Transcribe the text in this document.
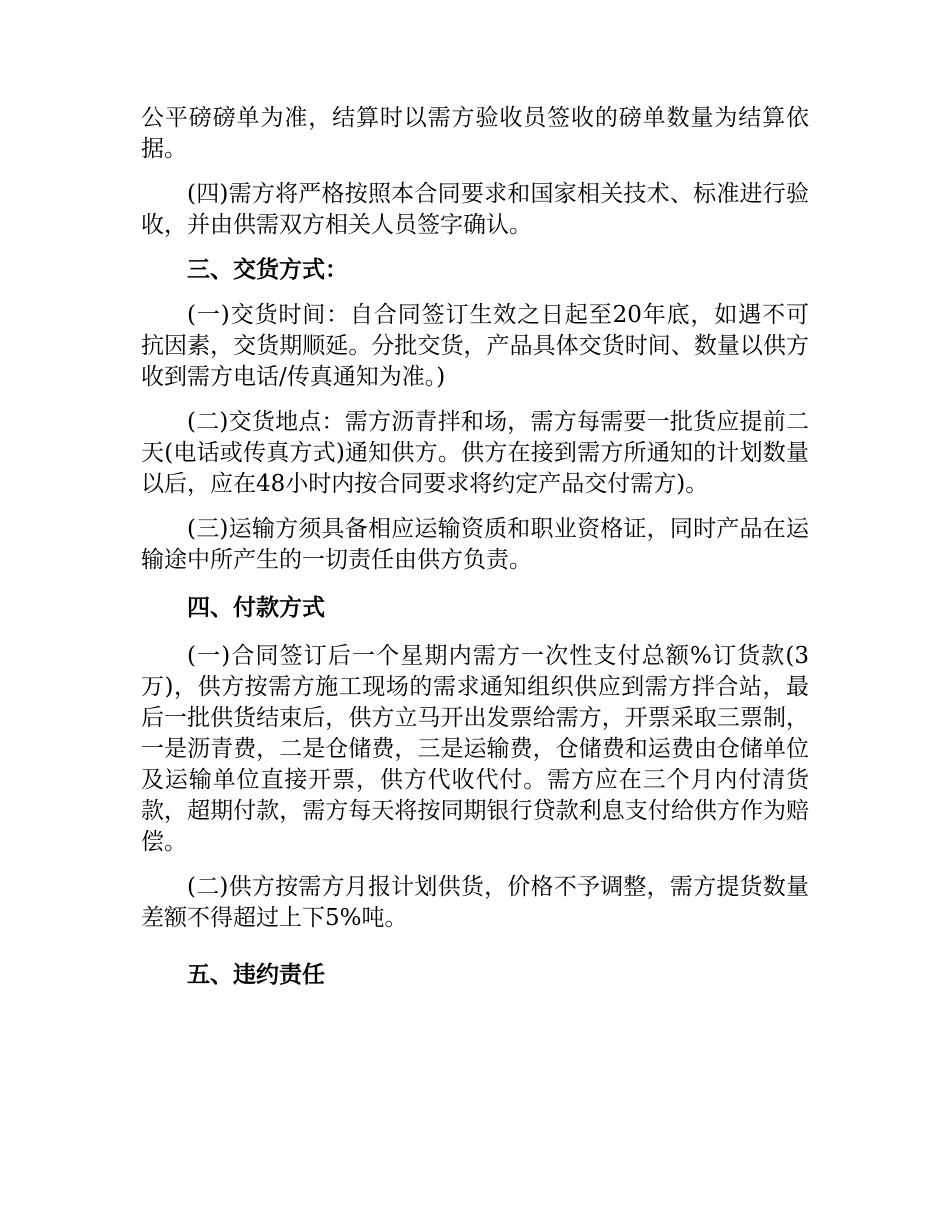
公平磅磅单为准，结算时以需方验收员签收的磅单数量为结算依据。

(四)需方将严格按照本合同要求和国家相关技术、标准进行验收，并由供需双方相关人员签字确认。

三、交货方式：

(一)交货时间：自合同签订生效之日起至20年底，如遇不可抗因素，交货期顺延。分批交货，产品具体交货时间、数量以供方收到需方电话/传真通知为准。)

(二)交货地点：需方沥青拌和场，需方每需要一批货应提前二天(电话或传真方式)通知供方。供方在接到需方所通知的计划数量以后，应在48小时内按合同要求将约定产品交付需方)。

(三)运输方须具备相应运输资质和职业资格证，同时产品在运输途中所产生的一切责任由供方负责。

四、付款方式

(一)合同签订后一个星期内需方一次性支付总额%订货款(3万)，供方按需方施工现场的需求通知组织供应到需方拌合站，最后一批供货结束后，供方立马开出发票给需方，开票采取三票制，一是沥青费，二是仓储费，三是运输费，仓储费和运费由仓储单位及运输单位直接开票，供方代收代付。需方应在三个月内付清货款，超期付款，需方每天将按同期银行贷款利息支付给供方作为赔偿。

(二)供方按需方月报计划供货，价格不予调整，需方提货数量差额不得超过上下5%吨。

五、违约责任
